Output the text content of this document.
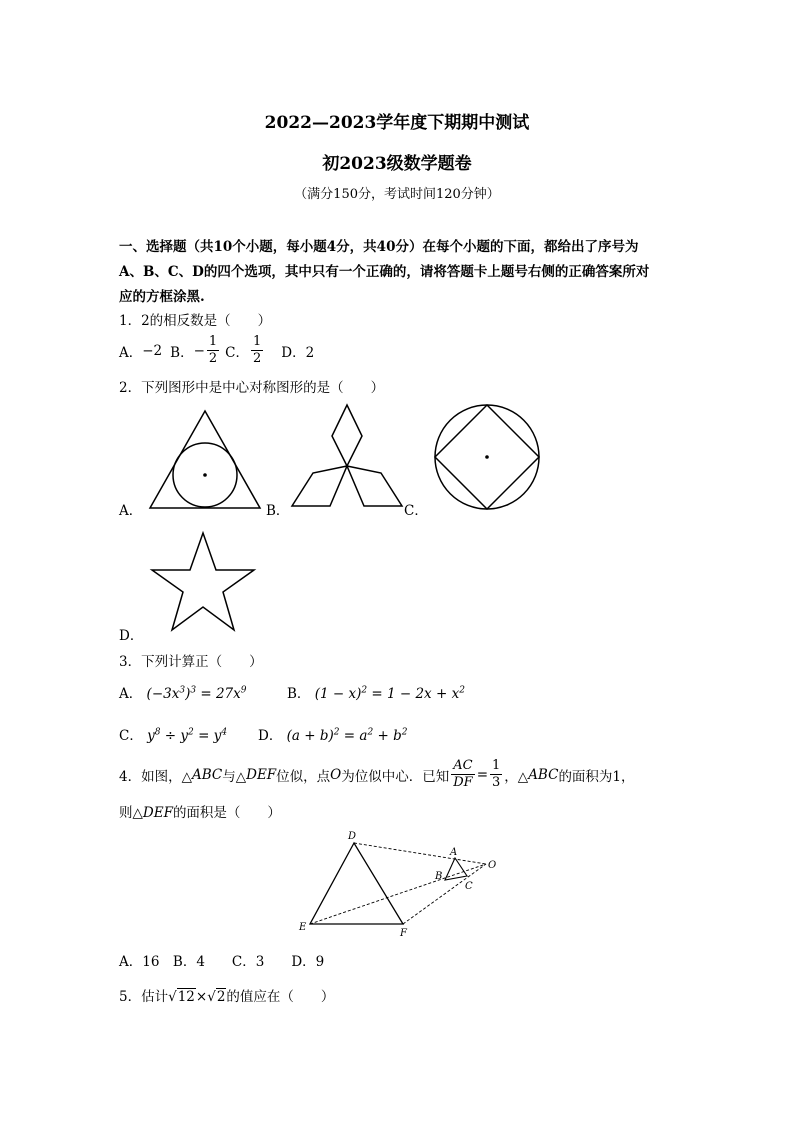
2022—2023学年度下期期中测试
初2023级数学题卷
（满分150分，考试时间120分钟）
一、选择题（共10个小题，每小题4分，共40分）在每个小题的下面，都给出了序号为
A、B、C、D的四个选项，其中只有一个正确的，请将答题卡上题号右侧的正确答案所对
应的方框涂黑.
1．2的相反数是（　　）
A． −2 B． − $\frac{1}{2}$ C． $\frac{1}{2}$ D．2
2．下列图形中是中心对称图形的是（　　）
A．	B．	C．
D．
3．下列计算正（　　）
A． $(-3x^3)^3 = 27x^9$	B． $(1 - x)^2 = 1 - 2x + x^2$
C． $y^8 \div y^2 = y^4$ D． $(a + b)^2 = a^2 + b^2$
4．如图，△ ABC 与△ DEF 位似，点 O 为位似中心．已知 $\frac{AC}{DF} = \frac{1}{3}$ ，△ ABC 的面积为1，
则△DEF的面积是（　　）
D
A
O
B
C
E
F
A．16　B．4　　C．3　　D．9
5．估计√12×√2的值应在（　　）
